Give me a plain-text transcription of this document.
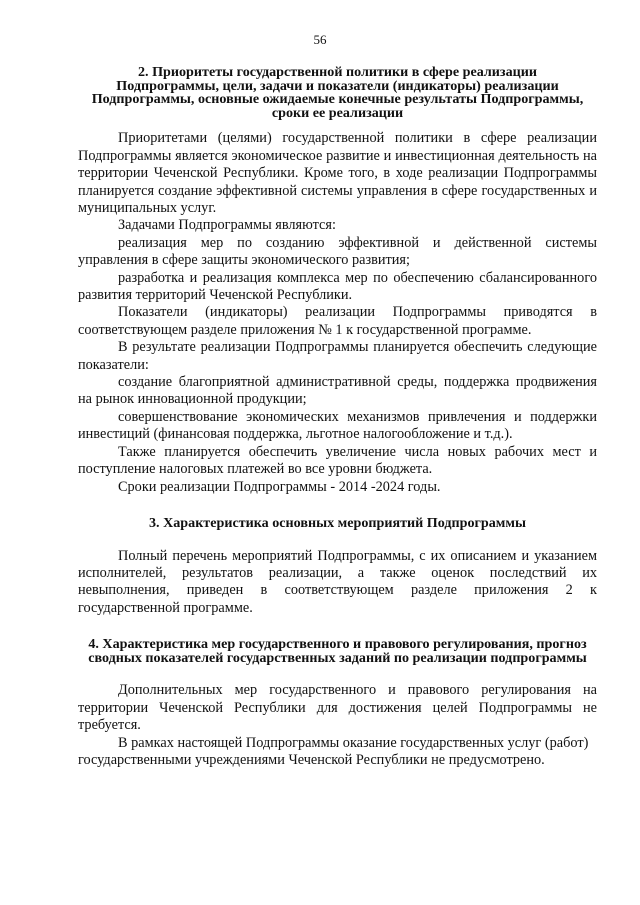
56
2. Приоритеты государственной политики в сфере реализации
Подпрограммы, цели, задачи и показатели (индикаторы) реализации
Подпрограммы, основные ожидаемые конечные результаты Подпрограммы,
сроки ее реализации

Приоритетами (целями) государственной политики в сфере реализации Подпрограммы является экономическое развитие и инвестиционная деятельность на территории Чеченской Республики. Кроме того, в ходе реализации Подпрограммы планируется создание эффективной системы управления в сфере государственных и муниципальных услуг.

Задачами Подпрограммы являются:

реализация мер по созданию эффективной и действенной системы управления в сфере защиты экономического развития;

разработка и реализация комплекса мер по обеспечению сбалансированного развития территорий Чеченской Республики.

Показатели (индикаторы) реализации Подпрограммы приводятся в соответствующем разделе приложения № 1 к государственной программе.

В результате реализации Подпрограммы планируется обеспечить следующие показатели:

создание благоприятной административной среды, поддержка продвижения на рынок инновационной продукции;

совершенствование экономических механизмов привлечения и поддержки инвестиций (финансовая поддержка, льготное налогообложение и т.д.).

Также планируется обеспечить увеличение числа новых рабочих мест и поступление налоговых платежей во все уровни бюджета.

Сроки реализации Подпрограммы - 2014 -2024 годы.

3. Характеристика основных мероприятий Подпрограммы

Полный перечень мероприятий Подпрограммы, с их описанием и указанием исполнителей, результатов реализации, а также оценок последствий их невыполнения, приведен в соответствующем разделе приложения 2 к государственной программе.

4. Характеристика мер государственного и правового регулирования, прогноз
сводных показателей государственных заданий по реализации подпрограммы

Дополнительных мер государственного и правового регулирования на территории Чеченской Республики для достижения целей Подпрограммы не требуется.

В рамках настоящей Подпрограммы оказание государственных услуг (работ) государственными учреждениями Чеченской Республики не предусмотрено.
